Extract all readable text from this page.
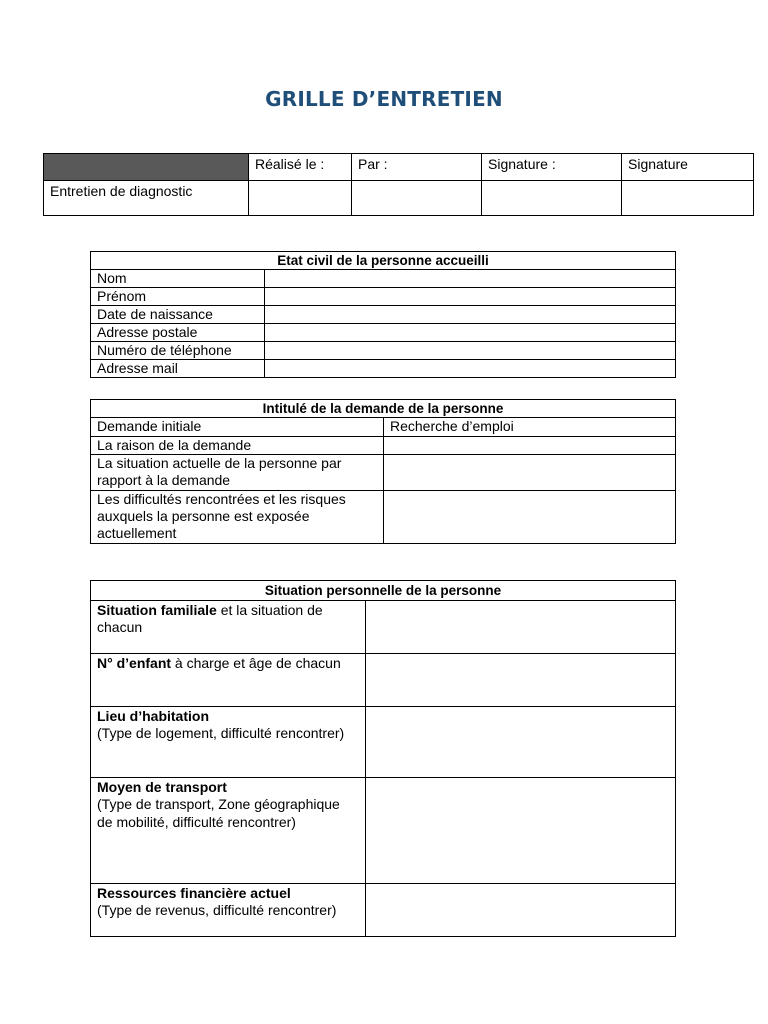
GRILLE D’ENTRETIEN
	Réalisé le :	Par :	Signature :	Signature
Entretien de diagnostic				
Etat civil de la personne accueilli	
Nom	
Prénom	
Date de naissance	
Adresse postale	
Numéro de téléphone	
Adresse mail	
Intitulé de la demande de la personne	
Demande initiale	Recherche d’emploi
La raison de la demande	
La situation actuelle de la personne par rapport à la demande	
Les difficultés rencontrées et les risques auxquels la personne est exposée actuellement	
Situation personnelle de la personne	
Situation familiale et la situation de chacun	
N° d’enfant à charge et âge de chacun	
Lieu d’habitation
(Type de logement, difficulté rencontrer)	
Moyen de transport
(Type de transport, Zone géographique de mobilité, difficulté rencontrer)	
Ressources financière actuel
(Type de revenus, difficulté rencontrer)	
